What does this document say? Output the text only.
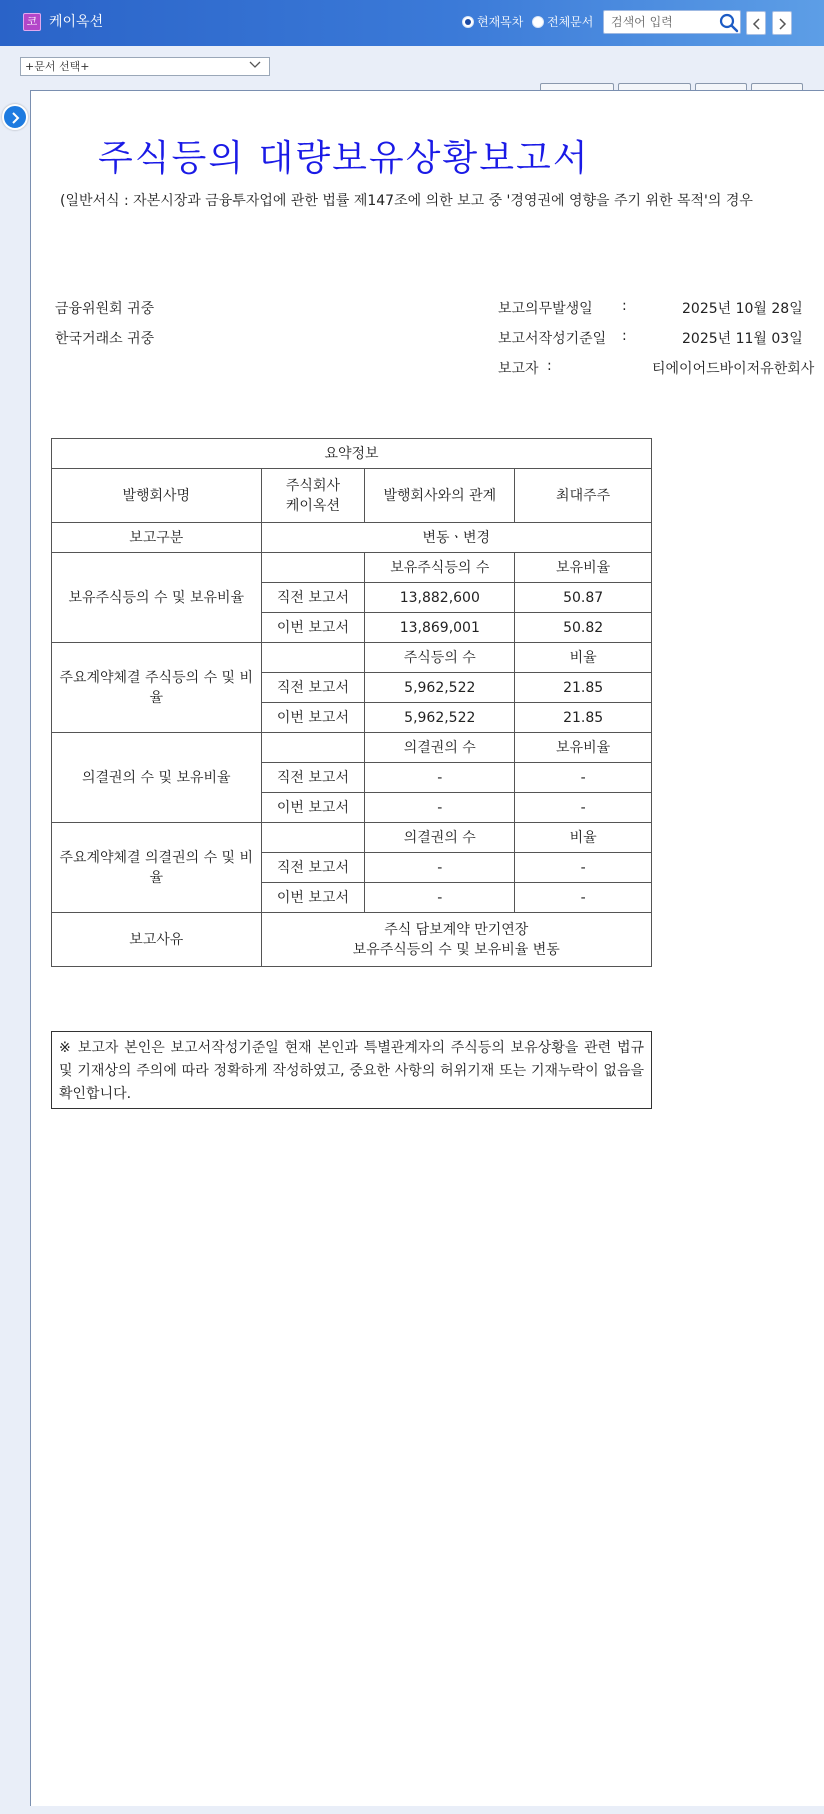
코 케이옥션	현재목차 전체문서
검색어 입력
+문서 선택+
주식등의 대량보유상황보고서
(일반서식 : 자본시장과 금융투자업에 관한 법률 제147조에 의한 보고 중 '경영권에 영향을 주기 위한 목적'의 경우
금융위원회 귀중
한국거래소 귀중
보고의무발생일 :	2025년 10월 28일
보고서작성기준일 :	2025년 11월 03일
보고자 :	티에이어드바이저유한회사
요약정보			
발행회사명	주식회사 케이옥션	발행회사와의 관계	최대주주
보고구분	변동ㆍ변경		
보유주식등의 수 및 보유비율		보유주식등의 수	보유비율
	직전 보고서	13,882,600	50.87
	이번 보고서	13,869,001	50.82
주요계약체결 주식등의 수 및 비율		주식등의 수	비율
	직전 보고서	5,962,522	21.85
	이번 보고서	5,962,522	21.85
의결권의 수 및 보유비율		의결권의 수	보유비율
	직전 보고서	-	-
	이번 보고서	-	-
주요계약체결 의결권의 수 및 비율		의결권의 수	비율
	직전 보고서	-	-
	이번 보고서	-	-
보고사유	주식 담보계약 만기연장
보유주식등의 수 및 보유비율 변동		
※ 보고자 본인은 보고서작성기준일 현재 본인과 특별관계자의 주식등의 보유상황을 관련 법규 및 기재상의 주의에 따라 정확하게 작성하였고, 중요한 사항의 허위기재 또는 기재누락이 없음을 확인합니다.
